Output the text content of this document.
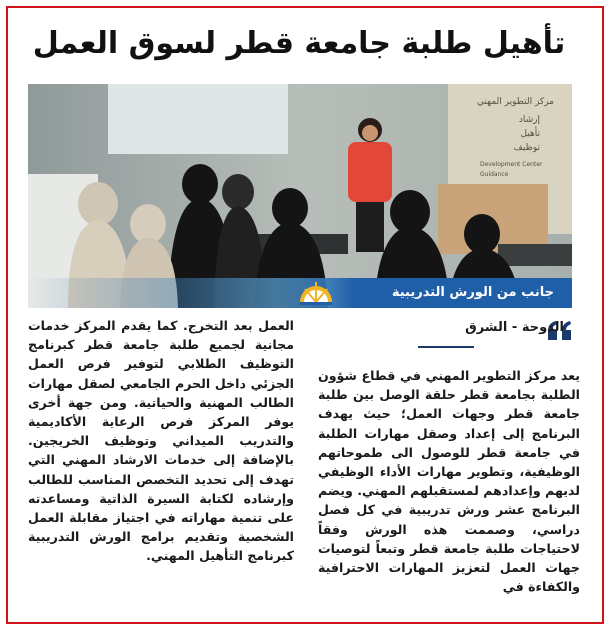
تأهيل طلبة جامعة قطر لسوق العمل
مركز التطوير المهني
إرشاد
تأهيل
توظيف
Development Center
Guidance
جانب من الورش التدريبية
الدوحة - الشرق
يعد مركز التطوير المهني في قطاع شؤون الطلبة بجامعة قطر حلقة الوصل بين طلبة جامعة قطر وجهات العمل؛ حيث يهدف البرنامج إلى إعداد وصقل مهارات الطلبة في جامعة قطر للوصول الى طموحاتهم الوظيفية، وتطوير مهارات الأداء الوظيفي لديهم وإعدادهم لمستقبلهم المهني. ويضم البرنامج عشر ورش تدريبية في كل فصل دراسي، وصممت هذه الورش وفقاً لاحتياجات طلبة جامعة قطر وتبعاً لتوصيات جهات العمل لتعزيز المهارات الاحترافية والكفاءة في
العمل بعد التخرج. كما يقدم المركز خدمات مجانية لجميع طلبة جامعة قطر كبرنامج التوظيف الطلابي لتوفير فرص العمل الجزئي داخل الحرم الجامعي لصقل مهارات الطالب المهنية والحياتية. ومن جهة أخرى يوفر المركز فرص الرعاية الأكاديمية والتدريب الميداني وتوظيف الخريجين. بالإضافة إلى خدمات الارشاد المهني التي تهدف إلى تحديد التخصص المناسب للطالب وإرشاده لكتابة السيرة الذاتية ومساعدته على تنمية مهاراته في اجتياز مقابلة العمل الشخصية وتقديم برامج الورش التدريبية كبرنامج التأهيل المهني.
